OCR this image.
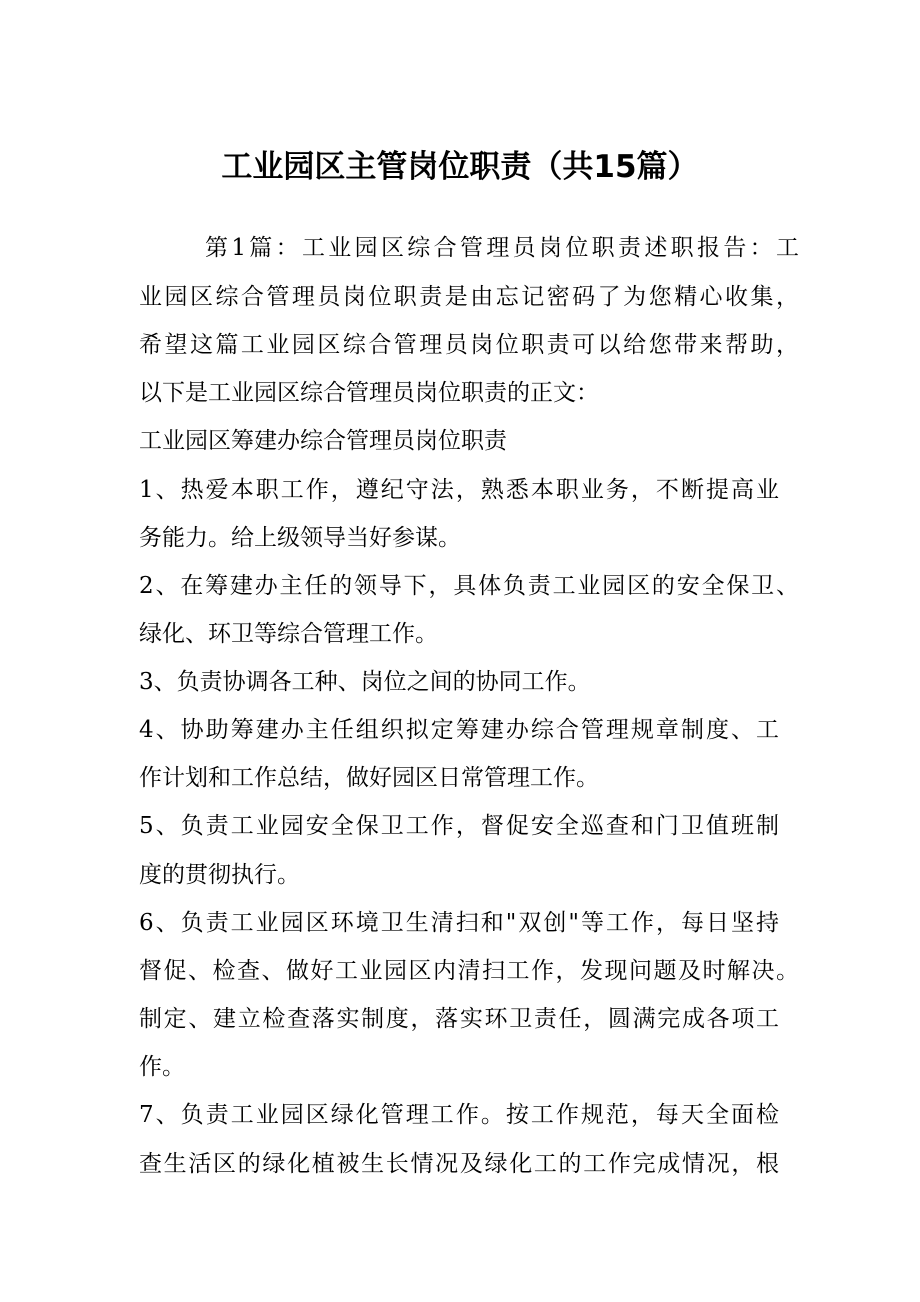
工业园区主管岗位职责（共15篇）
第1篇：工业园区综合管理员岗位职责述职报告：工
业园区综合管理员岗位职责是由忘记密码了为您精心收集，
希望这篇工业园区综合管理员岗位职责可以给您带来帮助，
以下是工业园区综合管理员岗位职责的正文：
工业园区筹建办综合管理员岗位职责
1、热爱本职工作，遵纪守法，熟悉本职业务，不断提高业
务能力。给上级领导当好参谋。
2、在筹建办主任的领导下，具体负责工业园区的安全保卫、
绿化、环卫等综合管理工作。
3、负责协调各工种、岗位之间的协同工作。
4、协助筹建办主任组织拟定筹建办综合管理规章制度、工
作计划和工作总结，做好园区日常管理工作。
5、负责工业园安全保卫工作，督促安全巡查和门卫值班制
度的贯彻执行。
6、负责工业园区环境卫生清扫和"双创"等工作，每日坚持
督促、检查、做好工业园区内清扫工作，发现问题及时解决。
制定、建立检查落实制度，落实环卫责任，圆满完成各项工
作。
7、负责工业园区绿化管理工作。按工作规范，每天全面检
查生活区的绿化植被生长情况及绿化工的工作完成情况，根
